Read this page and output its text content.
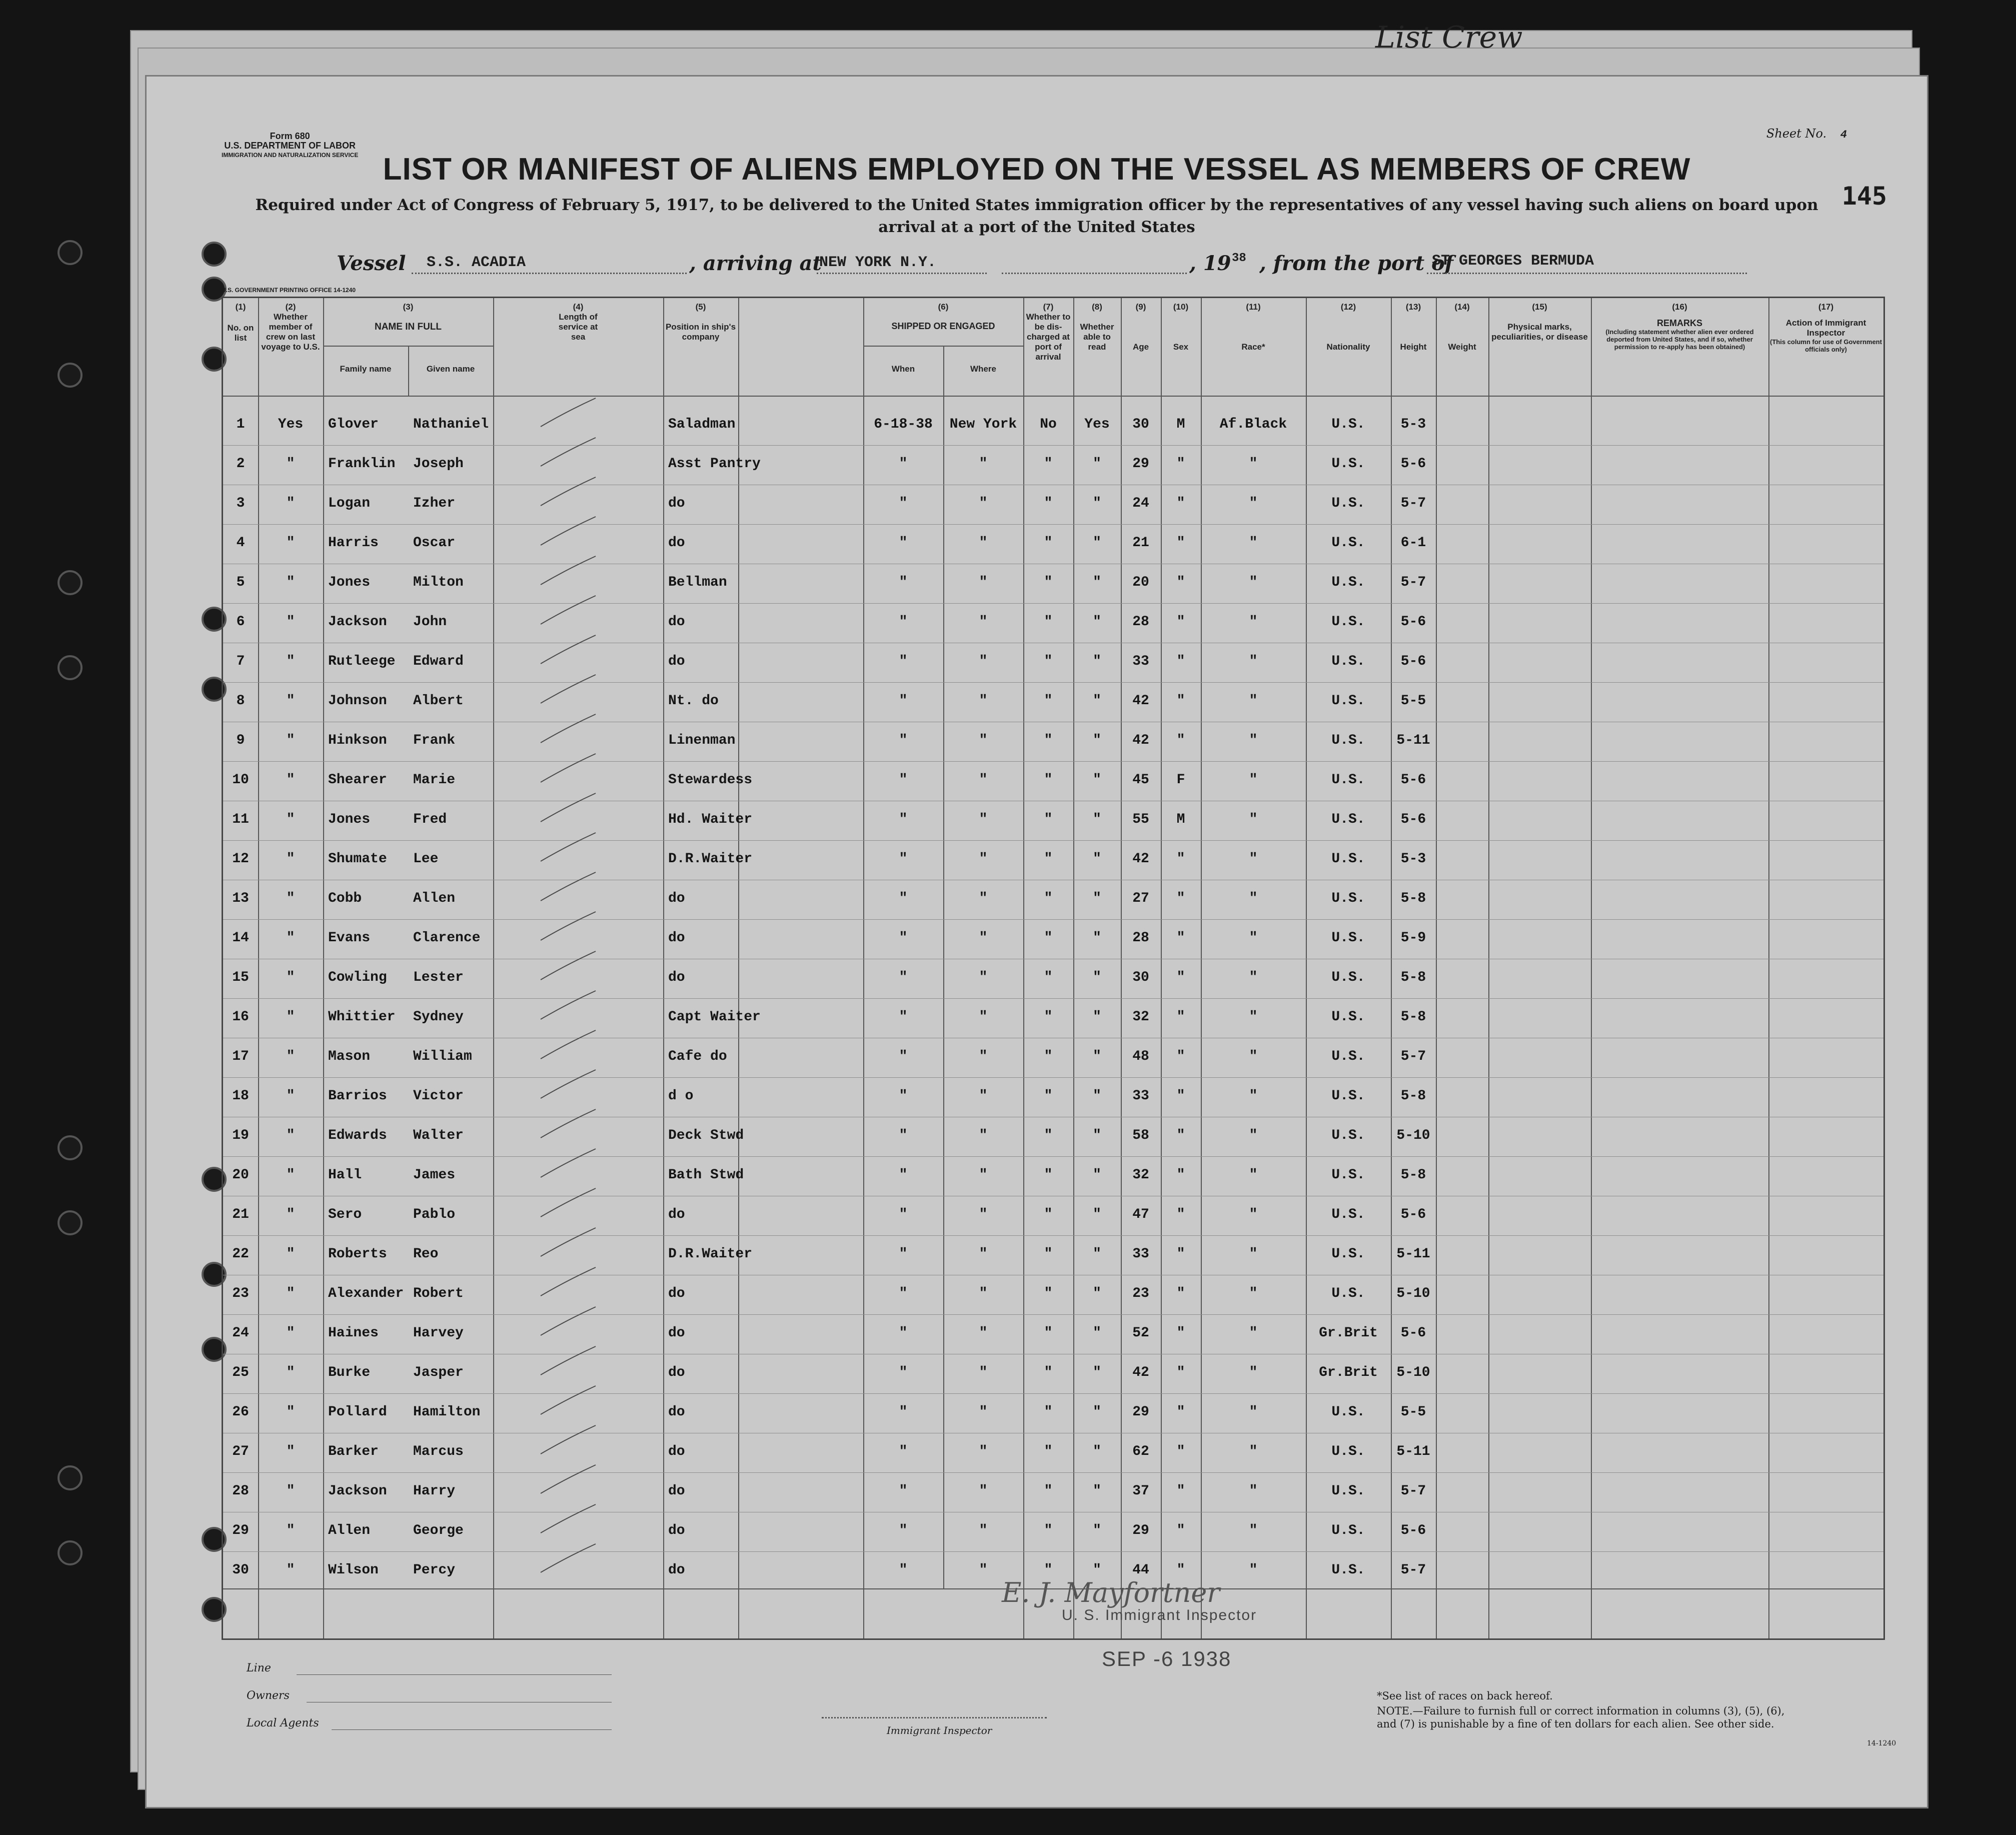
List Crew
Form 680
U.S. DEPARTMENT OF LABOR
IMMIGRATION AND NATURALIZATION SERVICE
Sheet No. 4
145
LIST OR MANIFEST OF ALIENS EMPLOYED ON THE VESSEL AS MEMBERS OF CREW
Required under Act of Congress of February 5, 1917, to be delivered to the United States immigration officer by the representatives of any vessel having such aliens on board upon arrival at a port of the United States
Vessel S.S. ACADIA	, arriving at
NEW YORK N.Y.	, 19 38 , from the port of
ST GEORGES BERMUDA
U.S. GOVERNMENT PRINTING OFFICE 14-1240
(1)
No. on list
(2)
Whether member of crew on last voyage to U.S.
(3)
NAME IN FULL
Family name	Given name
(4)
Length of service at sea
(5)
Position in ship's company
(6)
SHIPPED OR ENGAGED
When	Where
(7)
Whether to be dis-charged at port of arrival
(8)
Whether able to read
(9)
Age
(10)
Sex
(11)
Race*
(12)
Nationality
(13)
Height
(14)
Weight
(15)
Physical marks, peculiarities, or disease
(16)
REMARKS
(Including statement whether alien ever ordered deported from United States, and if so, whether permission to re-apply has been obtained)
(17)
Action of Immigrant Inspector
(This column for use of Government officials only)
1	Yes	Glover	Nathaniel	Saladman	6-18-38	New York	No	Yes	30	M	Af.Black	U.S.	5-3
2	"	Franklin	Joseph	Asst Pantry	"	"	"	"	29	"	"	U.S.	5-6
3	"	Logan	Izher	do	"	"	"	"	24	"	"	U.S.	5-7
4	"	Harris	Oscar	do	"	"	"	"	21	"	"	U.S.	6-1
5	"	Jones	Milton	Bellman	"	"	"	"	20	"	"	U.S.	5-7
6	"	Jackson	John	do	"	"	"	"	28	"	"	U.S.	5-6
7	"	Rutleege	Edward	do	"	"	"	"	33	"	"	U.S.	5-6
8	"	Johnson	Albert	Nt. do	"	"	"	"	42	"	"	U.S.	5-5
9	"	Hinkson	Frank	Linenman	"	"	"	"	42	"	"	U.S.	5-11
10	"	Shearer	Marie	Stewardess	"	"	"	"	45	F	"	U.S.	5-6
11	"	Jones	Fred	Hd. Waiter	"	"	"	"	55	M	"	U.S.	5-6
12	"	Shumate	Lee	D.R.Waiter	"	"	"	"	42	"	"	U.S.	5-3
13	"	Cobb	Allen	do	"	"	"	"	27	"	"	U.S.	5-8
14	"	Evans	Clarence	do	"	"	"	"	28	"	"	U.S.	5-9
15	"	Cowling	Lester	do	"	"	"	"	30	"	"	U.S.	5-8
16	"	Whittier	Sydney	Capt Waiter	"	"	"	"	32	"	"	U.S.	5-8
17	"	Mason	William	Cafe do	"	"	"	"	48	"	"	U.S.	5-7
18	"	Barrios	Victor	d o	"	"	"	"	33	"	"	U.S.	5-8
19	"	Edwards	Walter	Deck Stwd	"	"	"	"	58	"	"	U.S.	5-10
20	"	Hall	James	Bath Stwd	"	"	"	"	32	"	"	U.S.	5-8
21	"	Sero	Pablo	do	"	"	"	"	47	"	"	U.S.	5-6
22	"	Roberts	Reo	D.R.Waiter	"	"	"	"	33	"	"	U.S.	5-11
23	"	Alexander Robert	do	"	"	"	"	23	"	"	U.S.	5-10
24	"	Haines	Harvey	do	"	"	"	"	52	"	"	Gr.Brit	5-6
25	"	Burke	Jasper	do	"	"	"	"	42	"	"	Gr.Brit	5-10
26	"	Pollard	Hamilton	do	"	"	"	"	29	"	"	U.S.	5-5
27	"	Barker	Marcus	do	"	"	"	"	62	"	"	U.S.	5-11
28	"	Jackson	Harry	do	"	"	"	"	37	"	"	U.S.	5-7
29	"	Allen	George	do	"	"	"	"	29	"	"	U.S.	5-6
30	"	Wilson	Percy	do	"	"	"	"	44	"	"	U.S.	5-7
Line
Owners
Local Agents
E. J. Mayfortner
U. S. Immigrant Inspector
SEP -6 1938
Immigrant Inspector
*See list of races on back hereof.
NOTE.—Failure to furnish full or correct information in columns (3), (5), (6), and (7) is punishable by a fine of ten dollars for each alien. See other side.
14-1240
